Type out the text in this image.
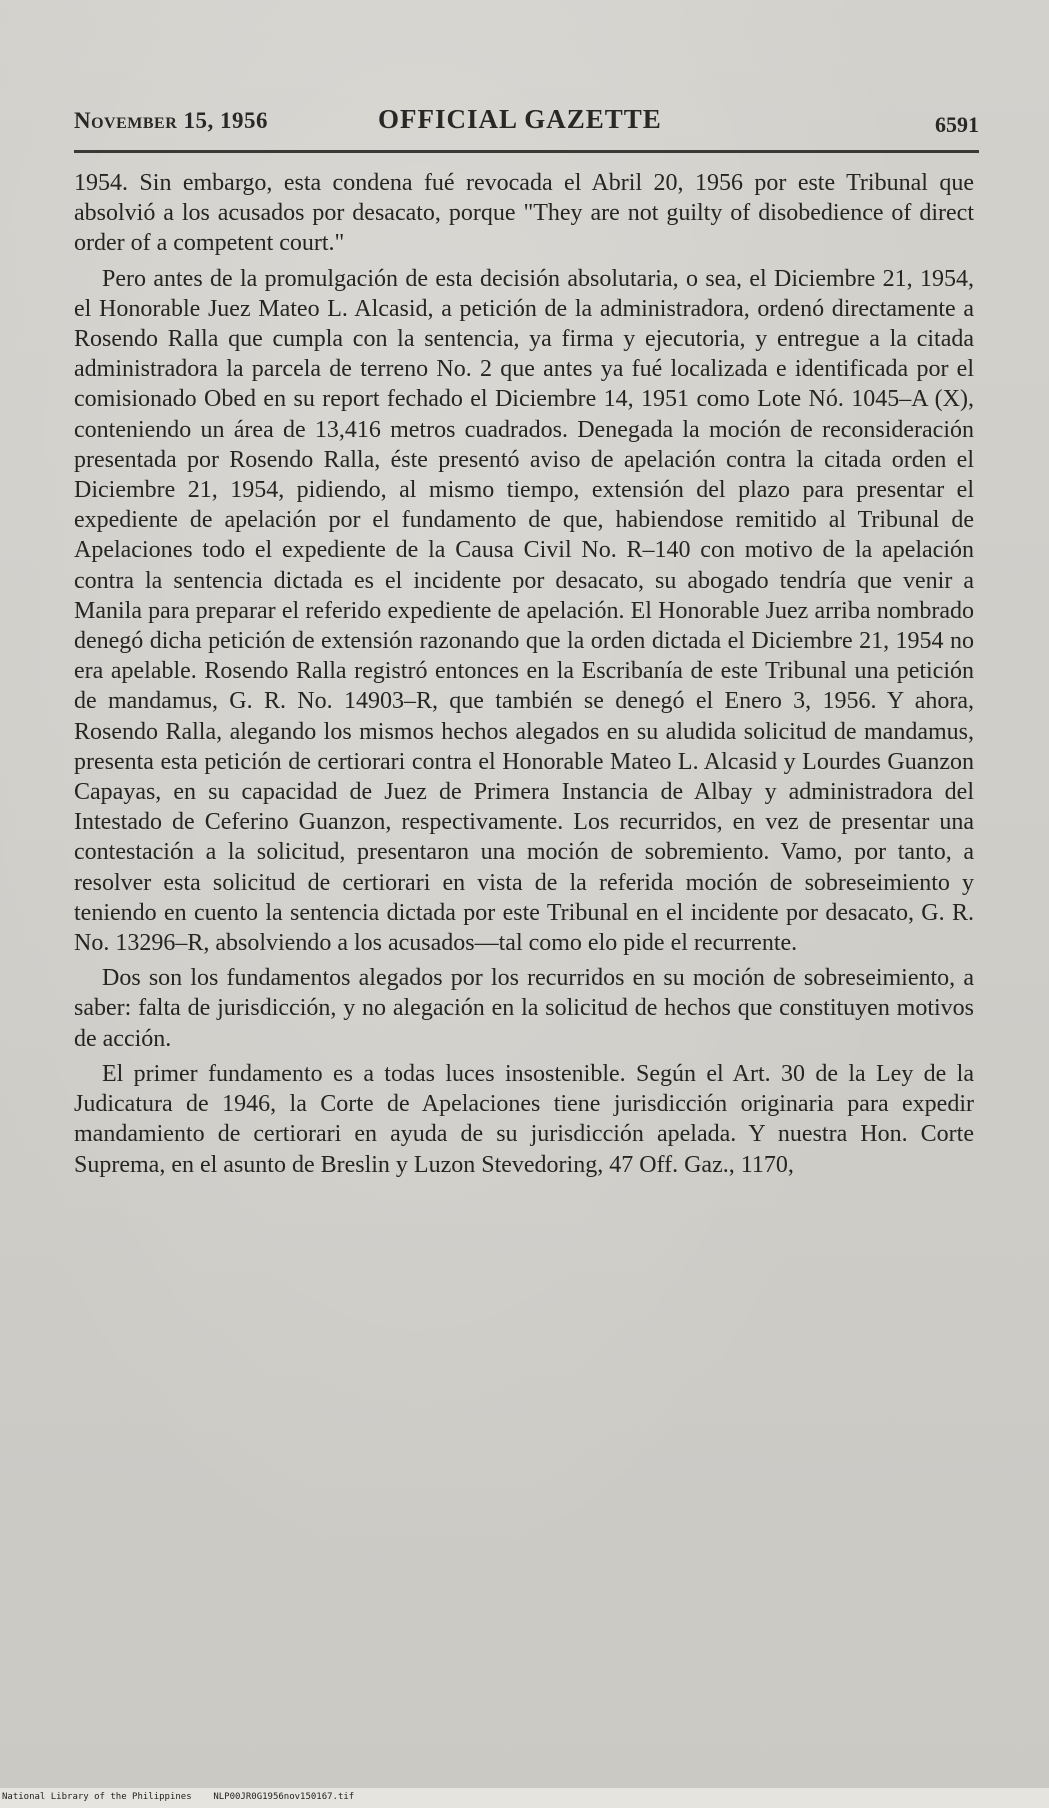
November 15, 1956	OFFICIAL GAZETTE	6591

1954. Sin embargo, esta condena fué revocada el Abril 20, 1956 por este Tribunal que absolvió a los acusados por desacato, porque "They are not guilty of disobedience of direct order of a competent court."

Pero antes de la promulgación de esta decisión absolutaria, o sea, el Diciembre 21, 1954, el Honorable Juez Mateo L. Alcasid, a petición de la administradora, ordenó directamente a Rosendo Ralla que cumpla con la sentencia, ya firma y ejecutoria, y entregue a la citada administradora la parcela de terreno No. 2 que antes ya fué localizada e identificada por el comisionado Obed en su report fechado el Diciembre 14, 1951 como Lote Nó. 1045–A (X), conteniendo un área de 13,416 metros cuadrados. Denegada la moción de reconsideración presentada por Rosendo Ralla, éste presentó aviso de apelación contra la citada orden el Diciembre 21, 1954, pidiendo, al mismo tiempo, extensión del plazo para presentar el expediente de apelación por el fundamento de que, habiendose remitido al Tribunal de Apelaciones todo el expediente de la Causa Civil No. R–140 con motivo de la apelación contra la sentencia dictada es el incidente por desacato, su abogado tendría que venir a Manila para preparar el referido expediente de apelación. El Honorable Juez arriba nombrado denegó dicha petición de extensión razonando que la orden dictada el Diciembre 21, 1954 no era apelable. Rosendo Ralla registró entonces en la Escribanía de este Tribunal una petición de mandamus, G. R. No. 14903–R, que también se denegó el Enero 3, 1956. Y ahora, Rosendo Ralla, alegando los mismos hechos alegados en su aludida solicitud de mandamus, presenta esta petición de certiorari contra el Honorable Mateo L. Alcasid y Lourdes Guanzon Capayas, en su capacidad de Juez de Primera Instancia de Albay y administradora del Intestado de Ceferino Guanzon, respectivamente. Los recurridos, en vez de presentar una contestación a la solicitud, presentaron una moción de sobremiento. Vamo, por tanto, a resolver esta solicitud de certiorari en vista de la referida moción de sobreseimiento y teniendo en cuento la sentencia dictada por este Tribunal en el incidente por desacato, G. R. No. 13296–R, absolviendo a los acusados—tal como elo pide el recurrente.

Dos son los fundamentos alegados por los recurridos en su moción de sobreseimiento, a saber: falta de jurisdicción, y no alegación en la solicitud de hechos que constituyen motivos de acción.

El primer fundamento es a todas luces insostenible. Según el Art. 30 de la Ley de la Judicatura de 1946, la Corte de Apelaciones tiene jurisdicción originaria para expedir mandamiento de certiorari en ayuda de su jurisdicción apelada. Y nuestra Hon. Corte Suprema, en el asunto de Breslin y Luzon Stevedoring, 47 Off. Gaz., 1170,

National Library of the Philippines NLP00JR0G1956nov150167.tif
